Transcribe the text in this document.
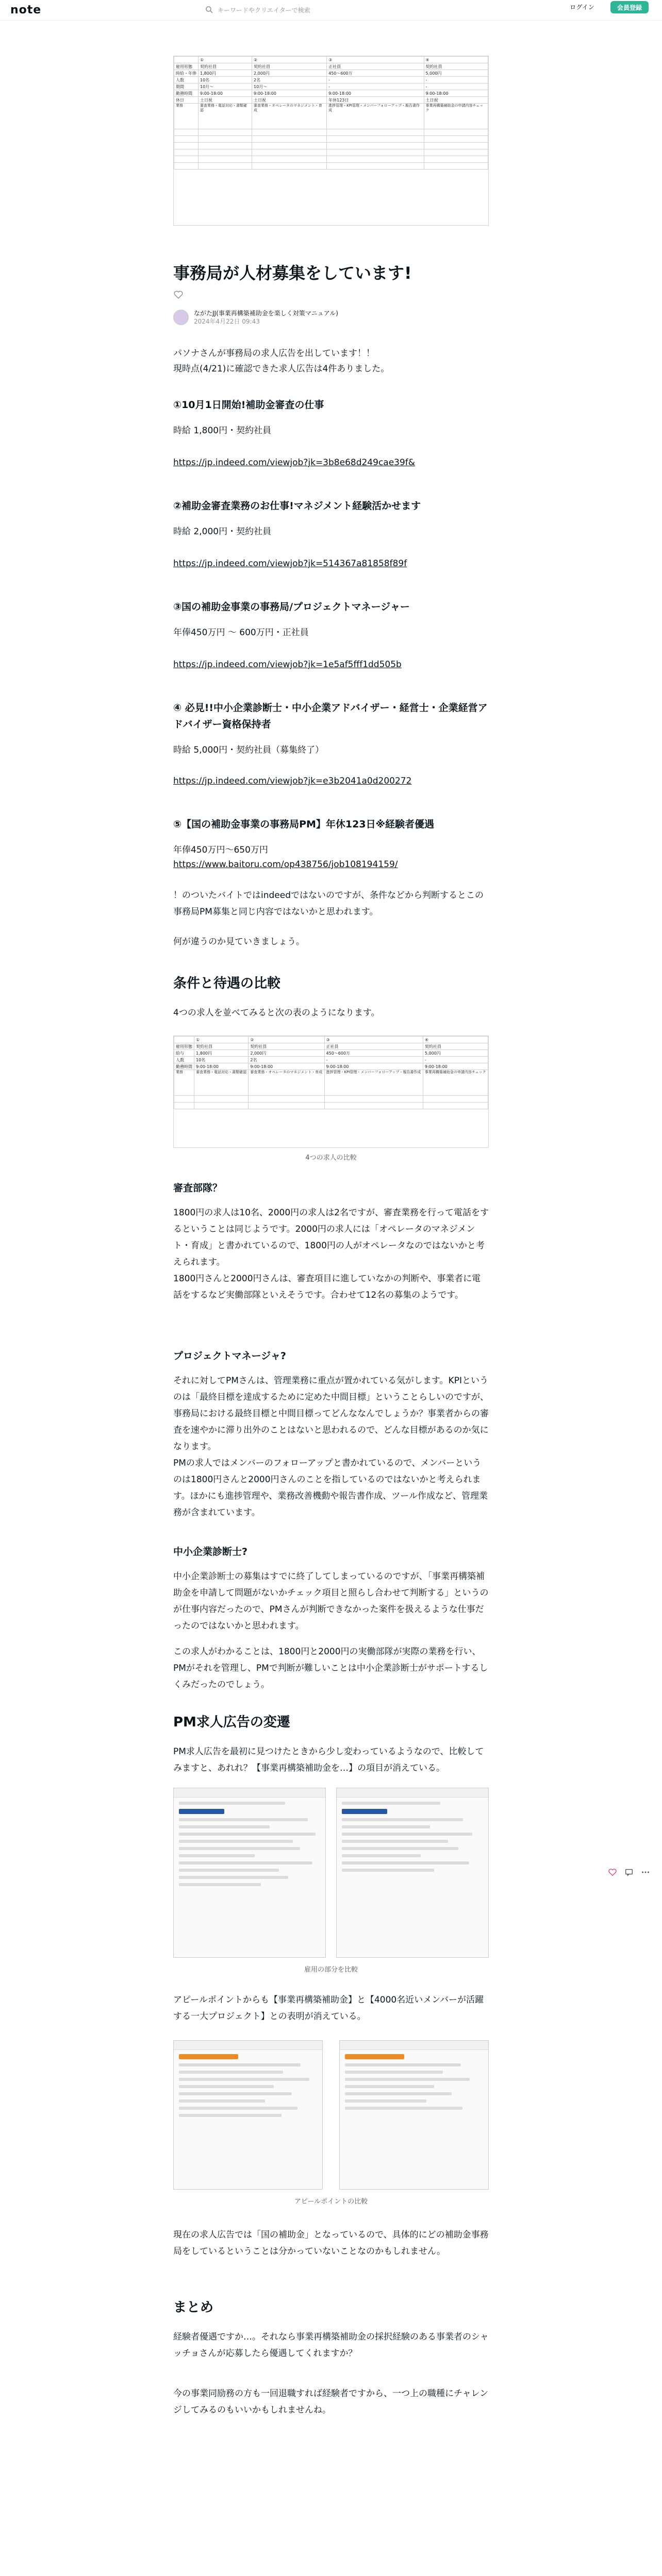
note	キーワードやクリエイターで検索	ログイン	会員登録
	①	②	③	④
雇用形態	契約社員	契約社員	正社員	契約社員
時給・年俸	1,800円	2,000円	450～600万	5,000円
人数	10名	2名	-	-
期間	10月～	10月～	-	-
勤務時間	9:00-18:00	9:00-18:00	9:00-18:00	9:00-18:00
休日	土日祝	土日祝	年休123日	土日祝
業務	審査業務・電話対応・書類確認	審査業務・オペレータのマネジメント・育成	進捗管理・KPI管理・メンバーフォローアップ・報告書作成	事業再構築補助金の申請内容チェック

事務局が人材募集をしています!
ながたJJ(事業再構築補助金を楽しく対策マニュアル)
2024年4月22日 09:43
パソナさんが事務局の求人広告を出しています！！
現時点(4/21)に確認できた求人広告は4件ありました。
①10月1日開始!補助金審査の仕事
時給 1,800円・契約社員
https://jp.indeed.com/viewjob?jk=3b8e68d249cae39f&
②補助金審査業務のお仕事!マネジメント経験活かせます
時給 2,000円・契約社員
https://jp.indeed.com/viewjob?jk=514367a81858f89f
③国の補助金事業の事務局/プロジェクトマネージャー
年俸450万円 ～ 600万円・正社員
https://jp.indeed.com/viewjob?jk=1e5af5fff1dd505b
④ 必見!!中小企業診断士・中小企業アドバイザー・経営士・企業経営アドバイザー資格保持者
時給 5,000円・契約社員（募集終了）
https://jp.indeed.com/viewjob?jk=e3b2041a0d200272
⑤【国の補助金事業の事務局PM】年休123日※経験者優遇
年俸450万円～650万円
https://www.baitoru.com/op438756/job108194159/
！のついたバイトではindeedではないのですが、条件などから判断するとこの事務局PM募集と同じ内容ではないかと思われます。
何が違うのか見ていきましょう。
条件と待遇の比較
4つの求人を並べてみると次の表のようになります。
	①	②	③	④
雇用形態	契約社員	契約社員	正社員	契約社員
給与	1,800円	2,000円	450～600万	5,000円
人数	10名	2名	-	-
勤務時間	9:00-18:00	9:00-18:00	9:00-18:00	9:00-18:00
業務	審査業務・電話対応・書類確認	審査業務・オペレータのマネジメント・育成	進捗管理・KPI管理・メンバーフォローアップ・報告書作成	事業再構築補助金の申請内容チェック

4つの求人の比較
審査部隊？
1800円の求人は10名、2000円の求人は2名ですが、審査業務を行って電話をするということは同じようです。2000円の求人には「オペレータのマネジメント・育成」と書かれているので、1800円の人がオペレータなのではないかと考えられます。
1800円さんと2000円さんは、審査項目に進していなかの判断や、事業者に電話をするなど実働部隊といえそうです。合わせて12名の募集のようです。
プロジェクトマネージャ?
それに対してPMさんは、管理業務に重点が置かれている気がします。KPIというのは「最終目標を達成するために定めた中間目標」ということらしいのですが、事務局における最終目標と中間目標ってどんななんでしょうか？事業者からの審査を速やかに滞り出外のことはないと思われるので、どんな目標があるのか気になります。
PMの求人ではメンバーのフォローアップと書かれているので、メンバーというのは1800円さんと2000円さんのことを指しているのではないかと考えられます。ほかにも進捗管理や、業務改善機動や報告書作成、ツール作成など、管理業務が含まれています。
中小企業診断士?
中小企業診断士の募集はすでに終了してしまっているのですが、「事業再構築補助金を申請して問題がないかチェック項目と照らし合わせて判断する」というのが仕事内容だったので、PMさんが判断できなかった案件を扱えるような仕事だったのではないかと思われます。
この求人がわかることは、1800円と2000円の実働部隊が実際の業務を行い、PMがそれを管理し、PMで判断が難しいことは中小企業診断士がサポートするしくみだったのでしょう。
PM求人広告の変遷
PM求人広告を最初に見つけたときから少し変わっているようなので、比較してみますと、あれれ？【事業再構築補助金を…】の項目が消えている。
雇用の部分を比較
アピールポイントからも【事業再構築補助金】と【4000名近いメンバーが活躍する一大プロジェクト】との表明が消えている。
アピールポイントの比較
現在の求人広告では「国の補助金」となっているので、具体的にどの補助金事務局をしているということは分かっていないことなのかもしれません。
まとめ
経験者優遇ですか…。それなら事業再構築補助金の採択経験のある事業者のシャッチョさんが応募したら優遇してくれますか？
今の事業同励務の方も一回退職すれば経験者ですから、一つ上の職種にチャレンジしてみるのもいいかもしれませんね。
